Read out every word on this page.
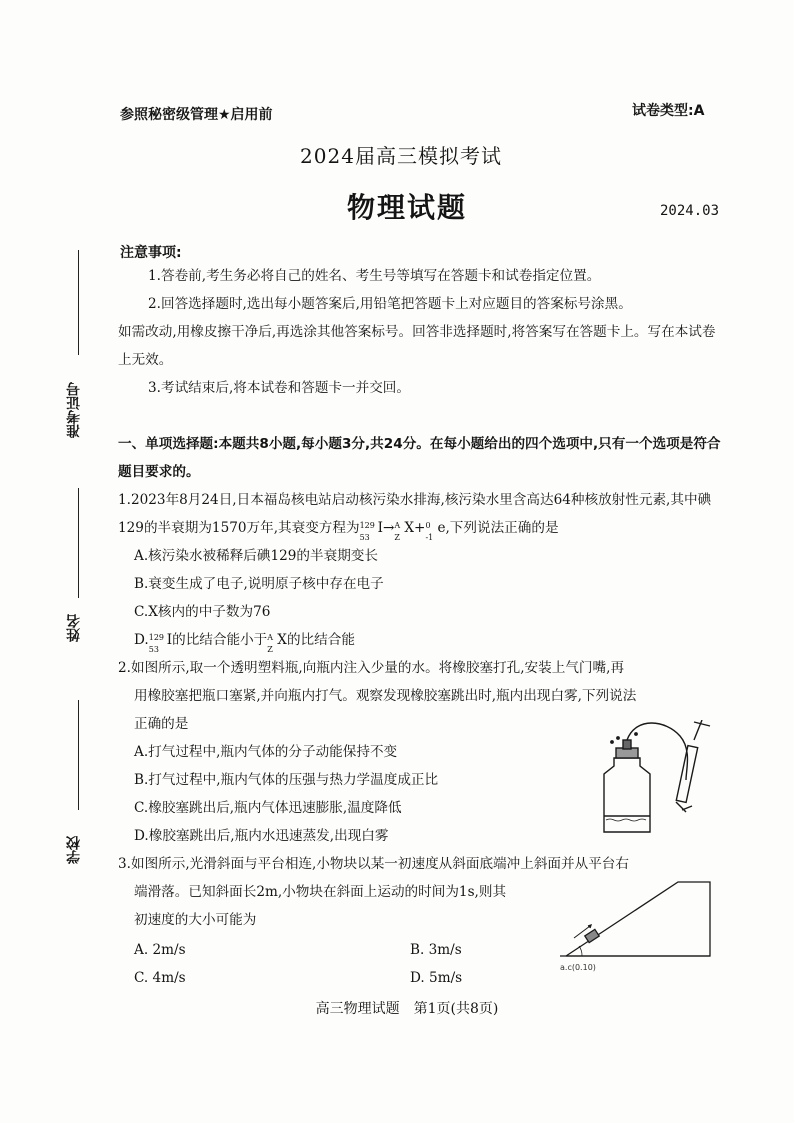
参照秘密级管理★启用前	试卷类型:A
2024届高三模拟考试
物理试题	2024.03
准考证号
姓名
学校
注意事项:
1.答卷前,考生务必将自己的姓名、考生号等填写在答题卡和试卷指定位置。
2.回答选择题时,选出每小题答案后,用铅笔把答题卡上对应题目的答案标号涂黑。
如需改动,用橡皮擦干净后,再选涂其他答案标号。回答非选择题时,将答案写在答题卡上。写在本试卷上无效。
3.考试结束后,将本试卷和答题卡一并交回。
一、单项选择题:本题共8小题,每小题3分,共24分。在每小题给出的四个选项中,只有一个选项是符合题目要求的。
1.2023年8月24日,日本福岛核电站启动核污染水排海,核污染水里含高达64种核放射性元素,其中碘129的半衰期为1570万年,其衰变方程为 129
53
I→ A
Z
X+ 0
-1
e,下列说法正确的是
A.核污染水被稀释后碘129的半衰期变长
B.衰变生成了电子,说明原子核中存在电子
C.X核内的中子数为76
D. 129
53
I的比结合能小于 A
Z
X的比结合能
2.如图所示,取一个透明塑料瓶,向瓶内注入少量的水。将橡胶塞打孔,安装上气门嘴,再
用橡胶塞把瓶口塞紧,并向瓶内打气。观察发现橡胶塞跳出时,瓶内出现白雾,下列说法
正确的是
A.打气过程中,瓶内气体的分子动能保持不变
B.打气过程中,瓶内气体的压强与热力学温度成正比
C.橡胶塞跳出后,瓶内气体迅速膨胀,温度降低
D.橡胶塞跳出后,瓶内水迅速蒸发,出现白雾
3.如图所示,光滑斜面与平台相连,小物块以某一初速度从斜面底端冲上斜面并从平台右
端滑落。已知斜面长2m,小物块在斜面上运动的时间为1s,则其
初速度的大小可能为
A. 2m/s	B. 3m/s
C. 4m/s	D. 5m/s
a.c(0.10)
高三物理试题　第1页(共8页)
